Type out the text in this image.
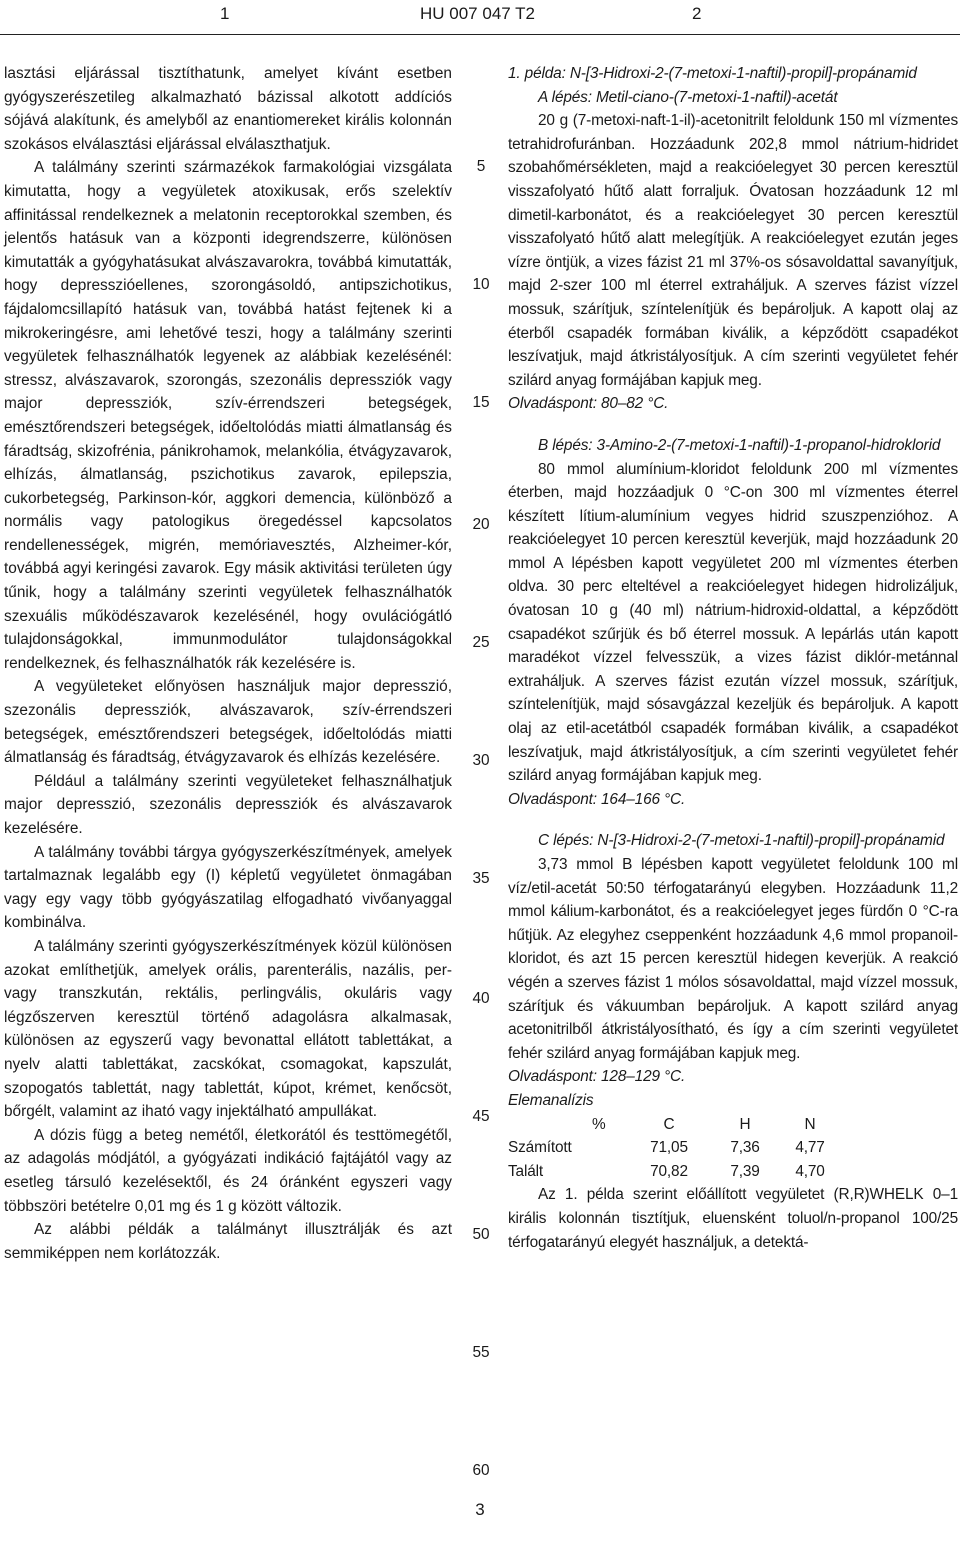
1	HU 007 047 T2	2

lasztási eljárással tisztíthatunk, amelyet kívánt esetben gyógyszerészetileg alkalmazható bázissal alkotott addíciós sójává alakítunk, és amelyből az enantiomereket királis kolonnán szokásos elválasztási eljárással elválaszthatjuk.

A találmány szerinti származékok farmakológiai vizsgálata kimutatta, hogy a vegyületek atoxikusak, erős szelektív affinitással rendelkeznek a melatonin receptorokkal szemben, és jelentős hatásuk van a központi idegrendszerre, különösen kimutatták a gyógyhatásukat alvászavarokra, továbbá kimutatták, hogy depresszióellenes, szorongásoldó, antipszichotikus, fájdalomcsillapító hatásuk van, továbbá hatást fejtenek ki a mikrokeringésre, ami lehetővé teszi, hogy a találmány szerinti vegyületek felhasználhatók legyenek az alábbiak kezelésénél: stressz, alvászavarok, szorongás, szezonális depressziók vagy major depressziók, szív-érrendszeri betegségek, emésztőrendszeri betegségek, időeltolódás miatti álmatlanság és fáradtság, skizofrénia, pánikrohamok, melankólia, étvágyzavarok, elhízás, álmatlanság, pszichotikus zavarok, epilepszia, cukorbetegség, Parkinson-kór, aggkori demencia, különböző a normális vagy patologikus öregedéssel kapcsolatos rendellenességek, migrén, memóriavesztés, Alzheimer-kór, továbbá agyi keringési zavarok. Egy másik aktivitási területen úgy tűnik, hogy a találmány szerinti vegyületek felhasználhatók szexuális működészavarok kezelésénél, hogy ovulációgátló tulajdonságokkal, immunmodulátor tulajdonságokkal rendelkeznek, és felhasználhatók rák kezelésére is.

A vegyületeket előnyösen használjuk major depresszió, szezonális depressziók, alvászavarok, szív-érrendszeri betegségek, emésztőrendszeri betegségek, időeltolódás miatti álmatlanság és fáradtság, étvágyzavarok és elhízás kezelésére.

Például a találmány szerinti vegyületeket felhasználhatjuk major depresszió, szezonális depressziók és alvászavarok kezelésére.

A találmány további tárgya gyógyszerkészítmények, amelyek tartalmaznak legalább egy (I) képletű vegyületet önmagában vagy egy vagy több gyógyászatilag elfogadható vivőanyaggal kombinálva.

A találmány szerinti gyógyszerkészítmények közül különösen azokat említhetjük, amelyek orális, parenterális, nazális, per- vagy transzkután, rektális, perlingvális, okuláris vagy légzőszerven keresztül történő adagolásra alkalmasak, különösen az egyszerű vagy bevonattal ellátott tablettákat, a nyelv alatti tablettákat, zacskókat, csomagokat, kapszulát, szopogatós tablettát, nagy tablettát, kúpot, krémet, kenőcsöt, bőrgélt, valamint az iható vagy injektálható ampullákat.

A dózis függ a beteg nemétől, életkorától és testtömegétől, az adagolás módjától, a gyógyázati indikáció fajtájától vagy az esetleg társuló kezelésektől, és 24 óránként egyszeri vagy többszöri betételre 0,01 mg és 1 g között változik.

Az alábbi példák a találmányt illusztrálják és azt semmiképpen nem korlátozzák.

1. példa: N-[3-Hidroxi-2-(7-metoxi-1-naftil)-propil]-propánamid

A lépés: Metil-ciano-(7-metoxi-1-naftil)-acetát

20 g (7-metoxi-naft-1-il)-acetonitrilt feloldunk 150 ml vízmentes tetrahidrofuránban. Hozzáadunk 202,8 mmol nátrium-hidridet szobahőmérsékleten, majd a reakcióelegyet 30 percen keresztül visszafolyató hűtő alatt forraljuk. Óvatosan hozzáadunk 12 ml dimetil-karbonátot, és a reakcióelegyet 30 percen keresztül visszafolyató hűtő alatt melegítjük. A reakcióelegyet ezután jeges vízre öntjük, a vizes fázist 21 ml 37%-os sósavoldattal savanyítjuk, majd 2-szer 100 ml éterrel extraháljuk. A szerves fázist vízzel mossuk, szárítjuk, színtelenítjük és bepároljuk. A kapott olaj az éterből csapadék formában kiválik, a képződött csapadékot leszívatjuk, majd átkristályosítjuk. A cím szerinti vegyületet fehér szilárd anyag formájában kapjuk meg.

Olvadáspont: 80–82 °C.

B lépés: 3-Amino-2-(7-metoxi-1-naftil)-1-propanol-hidroklorid

80 mmol alumínium-kloridot feloldunk 200 ml vízmentes éterben, majd hozzáadjuk 0 °C-on 300 ml vízmentes éterrel készített lítium-alumínium vegyes hidrid szuszpenzióhoz. A reakcióelegyet 10 percen keresztül keverjük, majd hozzáadunk 20 mmol A lépésben kapott vegyületet 200 ml vízmentes éterben oldva. 30 perc elteltével a reakcióelegyet hidegen hidrolizáljuk, óvatosan 10 g (40 ml) nátrium-hidroxid-oldattal, a képződött csapadékot szűrjük és bő éterrel mossuk. A lepárlás után kapott maradékot vízzel felvesszük, a vizes fázist diklór-metánnal extraháljuk. A szerves fázist ezután vízzel mossuk, szárítjuk, színtelenítjük, majd sósavgázzal kezeljük és bepároljuk. A kapott olaj az etil-acetátból csapadék formában kiválik, a csapadékot leszívatjuk, majd átkristályosítjuk, a cím szerinti vegyületet fehér szilárd anyag formájában kapjuk meg.

Olvadáspont: 164–166 °C.

C lépés: N-[3-Hidroxi-2-(7-metoxi-1-naftil)-propil]-propánamid

3,73 mmol B lépésben kapott vegyületet feloldunk 100 ml víz/etil-acetát 50:50 térfogatarányú elegyben. Hozzáadunk 11,2 mmol kálium-karbonátot, és a reakcióelegyet jeges fürdőn 0 °C-ra hűtjük. Az elegyhez cseppenként hozzáadunk 4,6 mmol propanoil-kloridot, és azt 15 percen keresztül hidegen keverjük. A reakció végén a szerves fázist 1 mólos sósavoldattal, majd vízzel mossuk, szárítjuk és vákuumban bepároljuk. A kapott szilárd anyag acetonitrilből átkristályosítható, és így a cím szerinti vegyületet fehér szilárd anyag formájában kapjuk meg.

Olvadáspont: 128–129 °C.

Elemanalízis

	%	C	H	N
Számított		71,05	7,36	4,77
Talált		70,82	7,39	4,70

Az 1. példa szerint előállított vegyületet (R,R)WHELK 0–1 királis kolonnán tisztítjuk, eluensként toluol/n-propanol 100/25 térfogatarányú elegyét használjuk, a detektá-

5
10
15
20
25
30
35
40
45
50
55
60
3
